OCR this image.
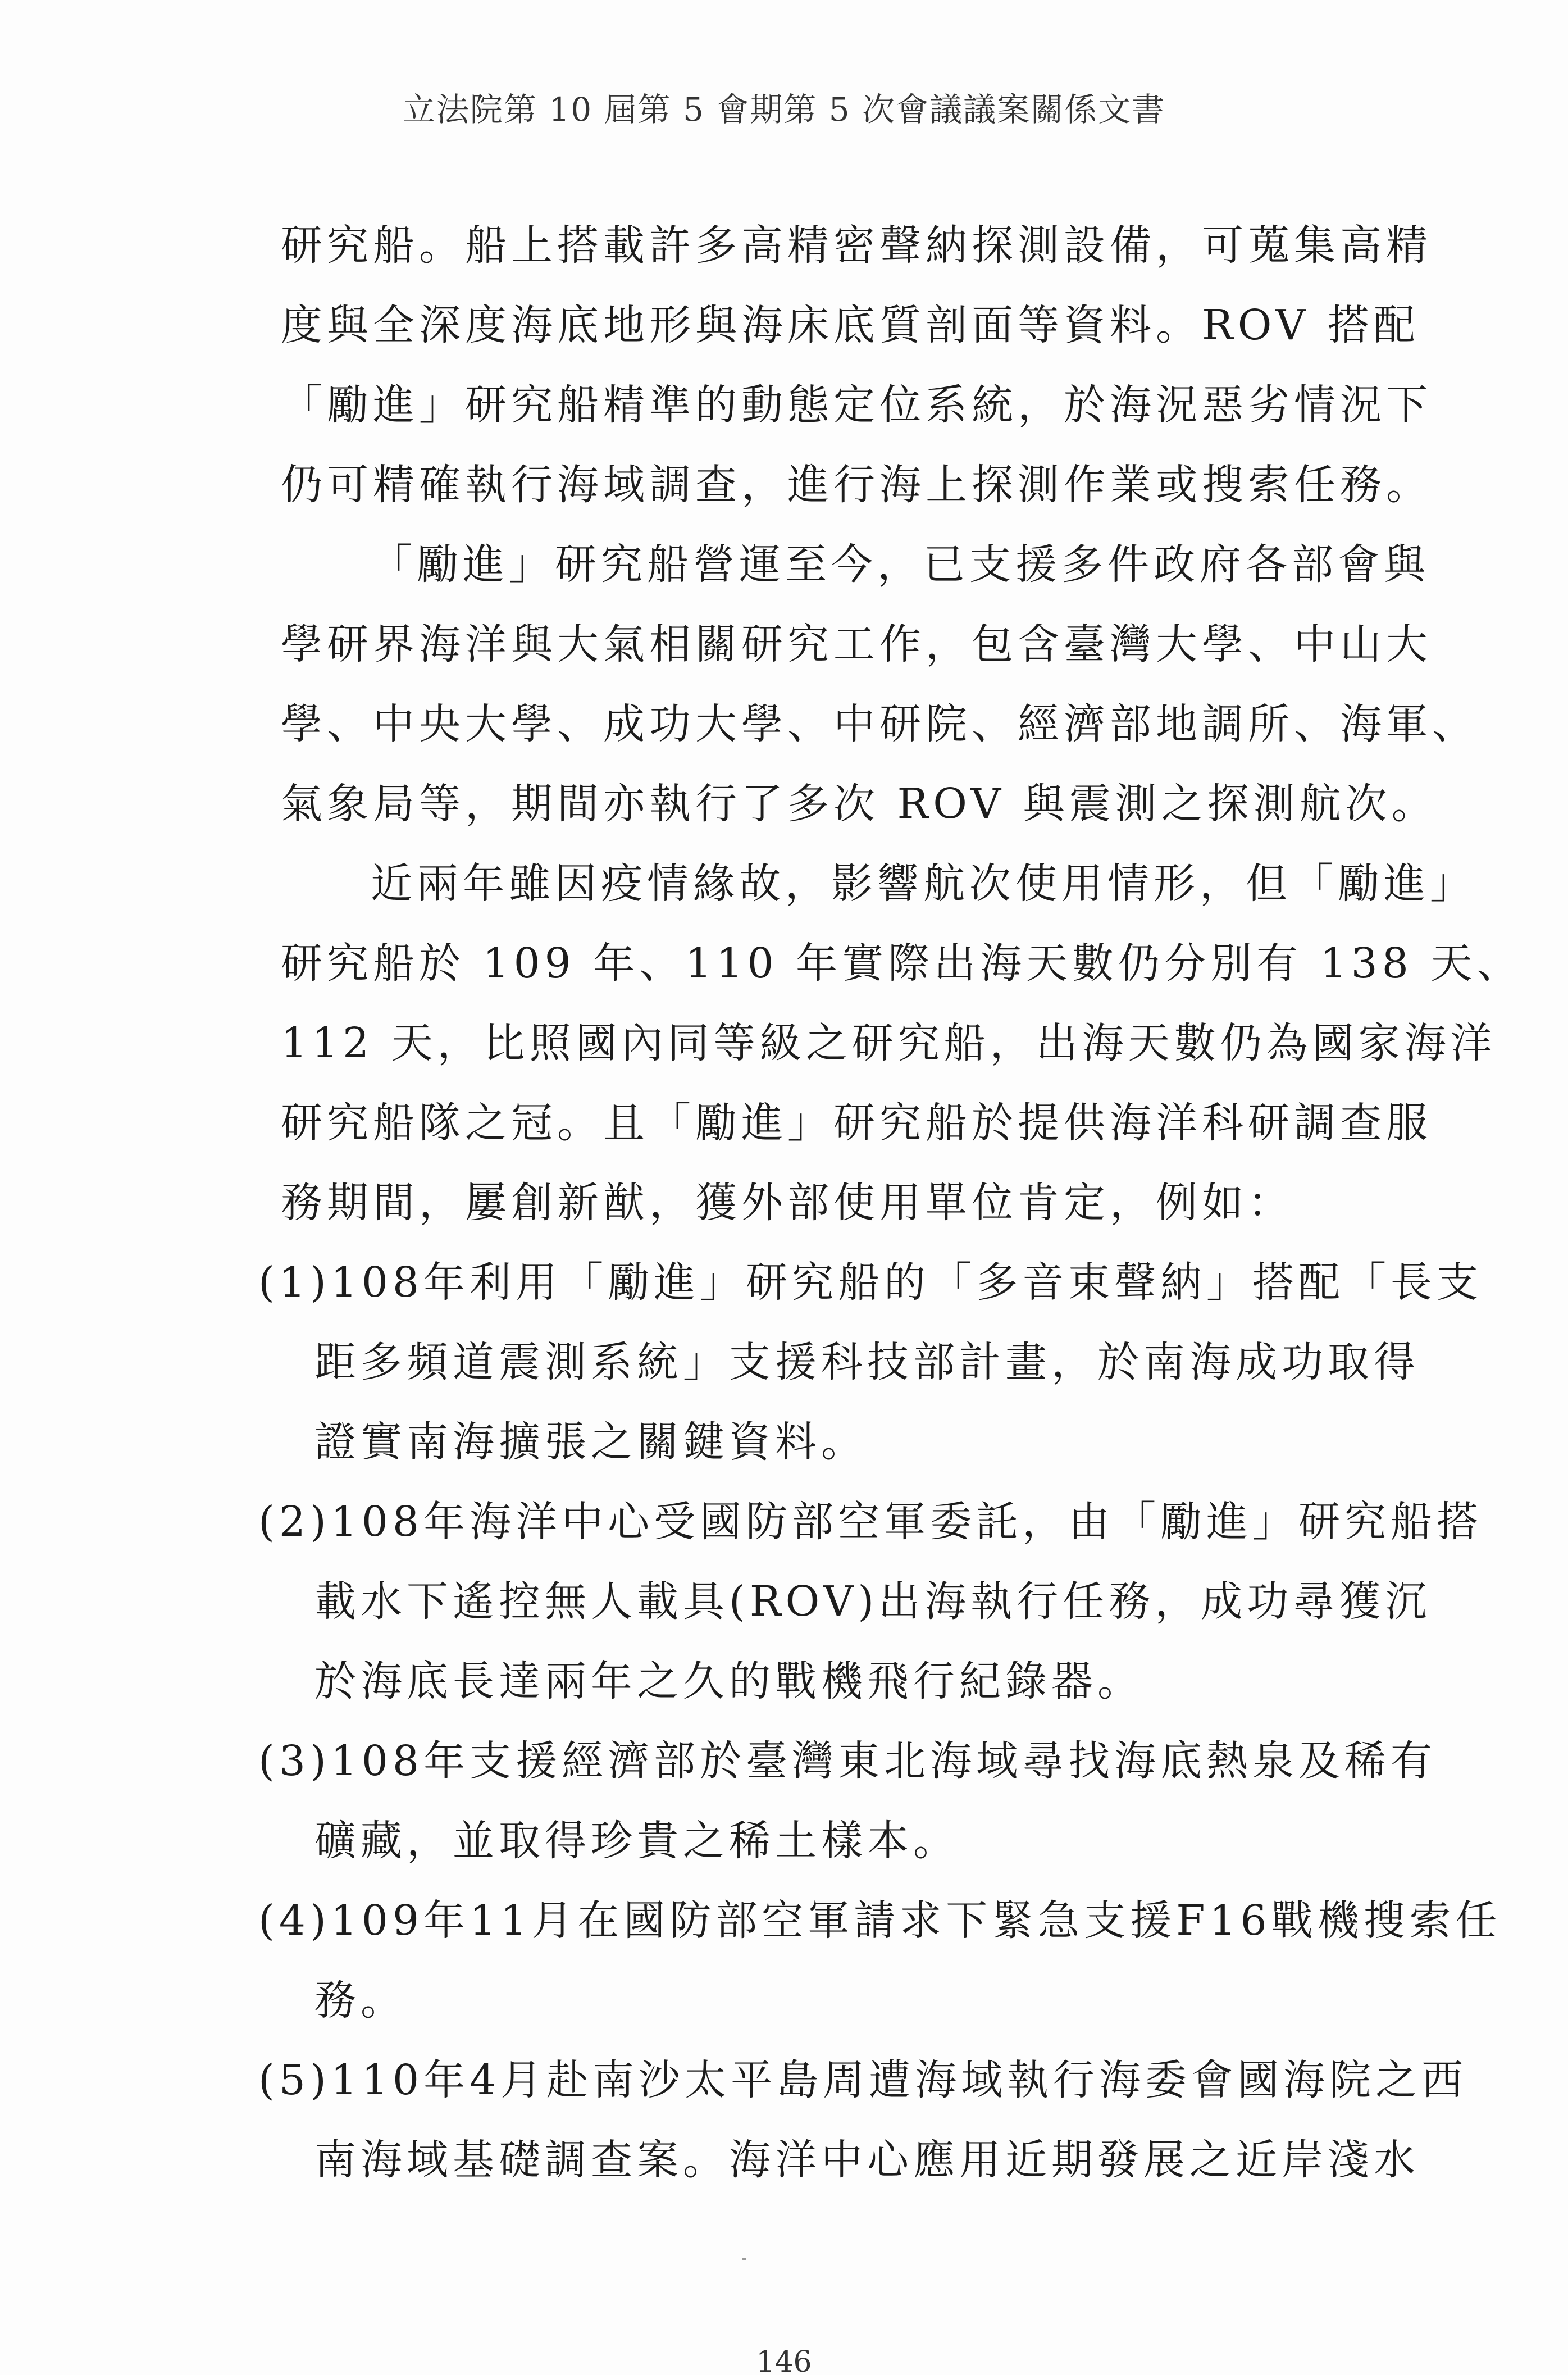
立法院第 10 屆第 5 會期第 5 次會議議案關係文書
研究船。船上搭載許多高精密聲納探測設備，可蒐集高精
度與全深度海底地形與海床底質剖面等資料。ROV 搭配
「勵進」研究船精準的動態定位系統，於海況惡劣情況下
仍可精確執行海域調查，進行海上探測作業或搜索任務。
「勵進」研究船營運至今，已支援多件政府各部會與
學研界海洋與大氣相關研究工作，包含臺灣大學、中山大
學、中央大學、成功大學、中研院、經濟部地調所、海軍、
氣象局等，期間亦執行了多次 ROV 與震測之探測航次。
近兩年雖因疫情緣故，影響航次使用情形，但「勵進」
研究船於 109 年、110 年實際出海天數仍分別有 138 天、
112 天，比照國內同等級之研究船，出海天數仍為國家海洋
研究船隊之冠。且「勵進」研究船於提供海洋科研調查服
務期間，屢創新猷，獲外部使用單位肯定，例如：
(1)108年利用「勵進」研究船的「多音束聲納」搭配「長支
距多頻道震測系統」支援科技部計畫，於南海成功取得
證實南海擴張之關鍵資料。
(2)108年海洋中心受國防部空軍委託，由「勵進」研究船搭
載水下遙控無人載具(ROV)出海執行任務，成功尋獲沉
於海底長達兩年之久的戰機飛行紀錄器。
(3)108年支援經濟部於臺灣東北海域尋找海底熱泉及稀有
礦藏，並取得珍貴之稀土樣本。
(4)109年11月在國防部空軍請求下緊急支援F16戰機搜索任
務。
(5)110年4月赴南沙太平島周遭海域執行海委會國海院之西
南海域基礎調查案。海洋中心應用近期發展之近岸淺水
146
